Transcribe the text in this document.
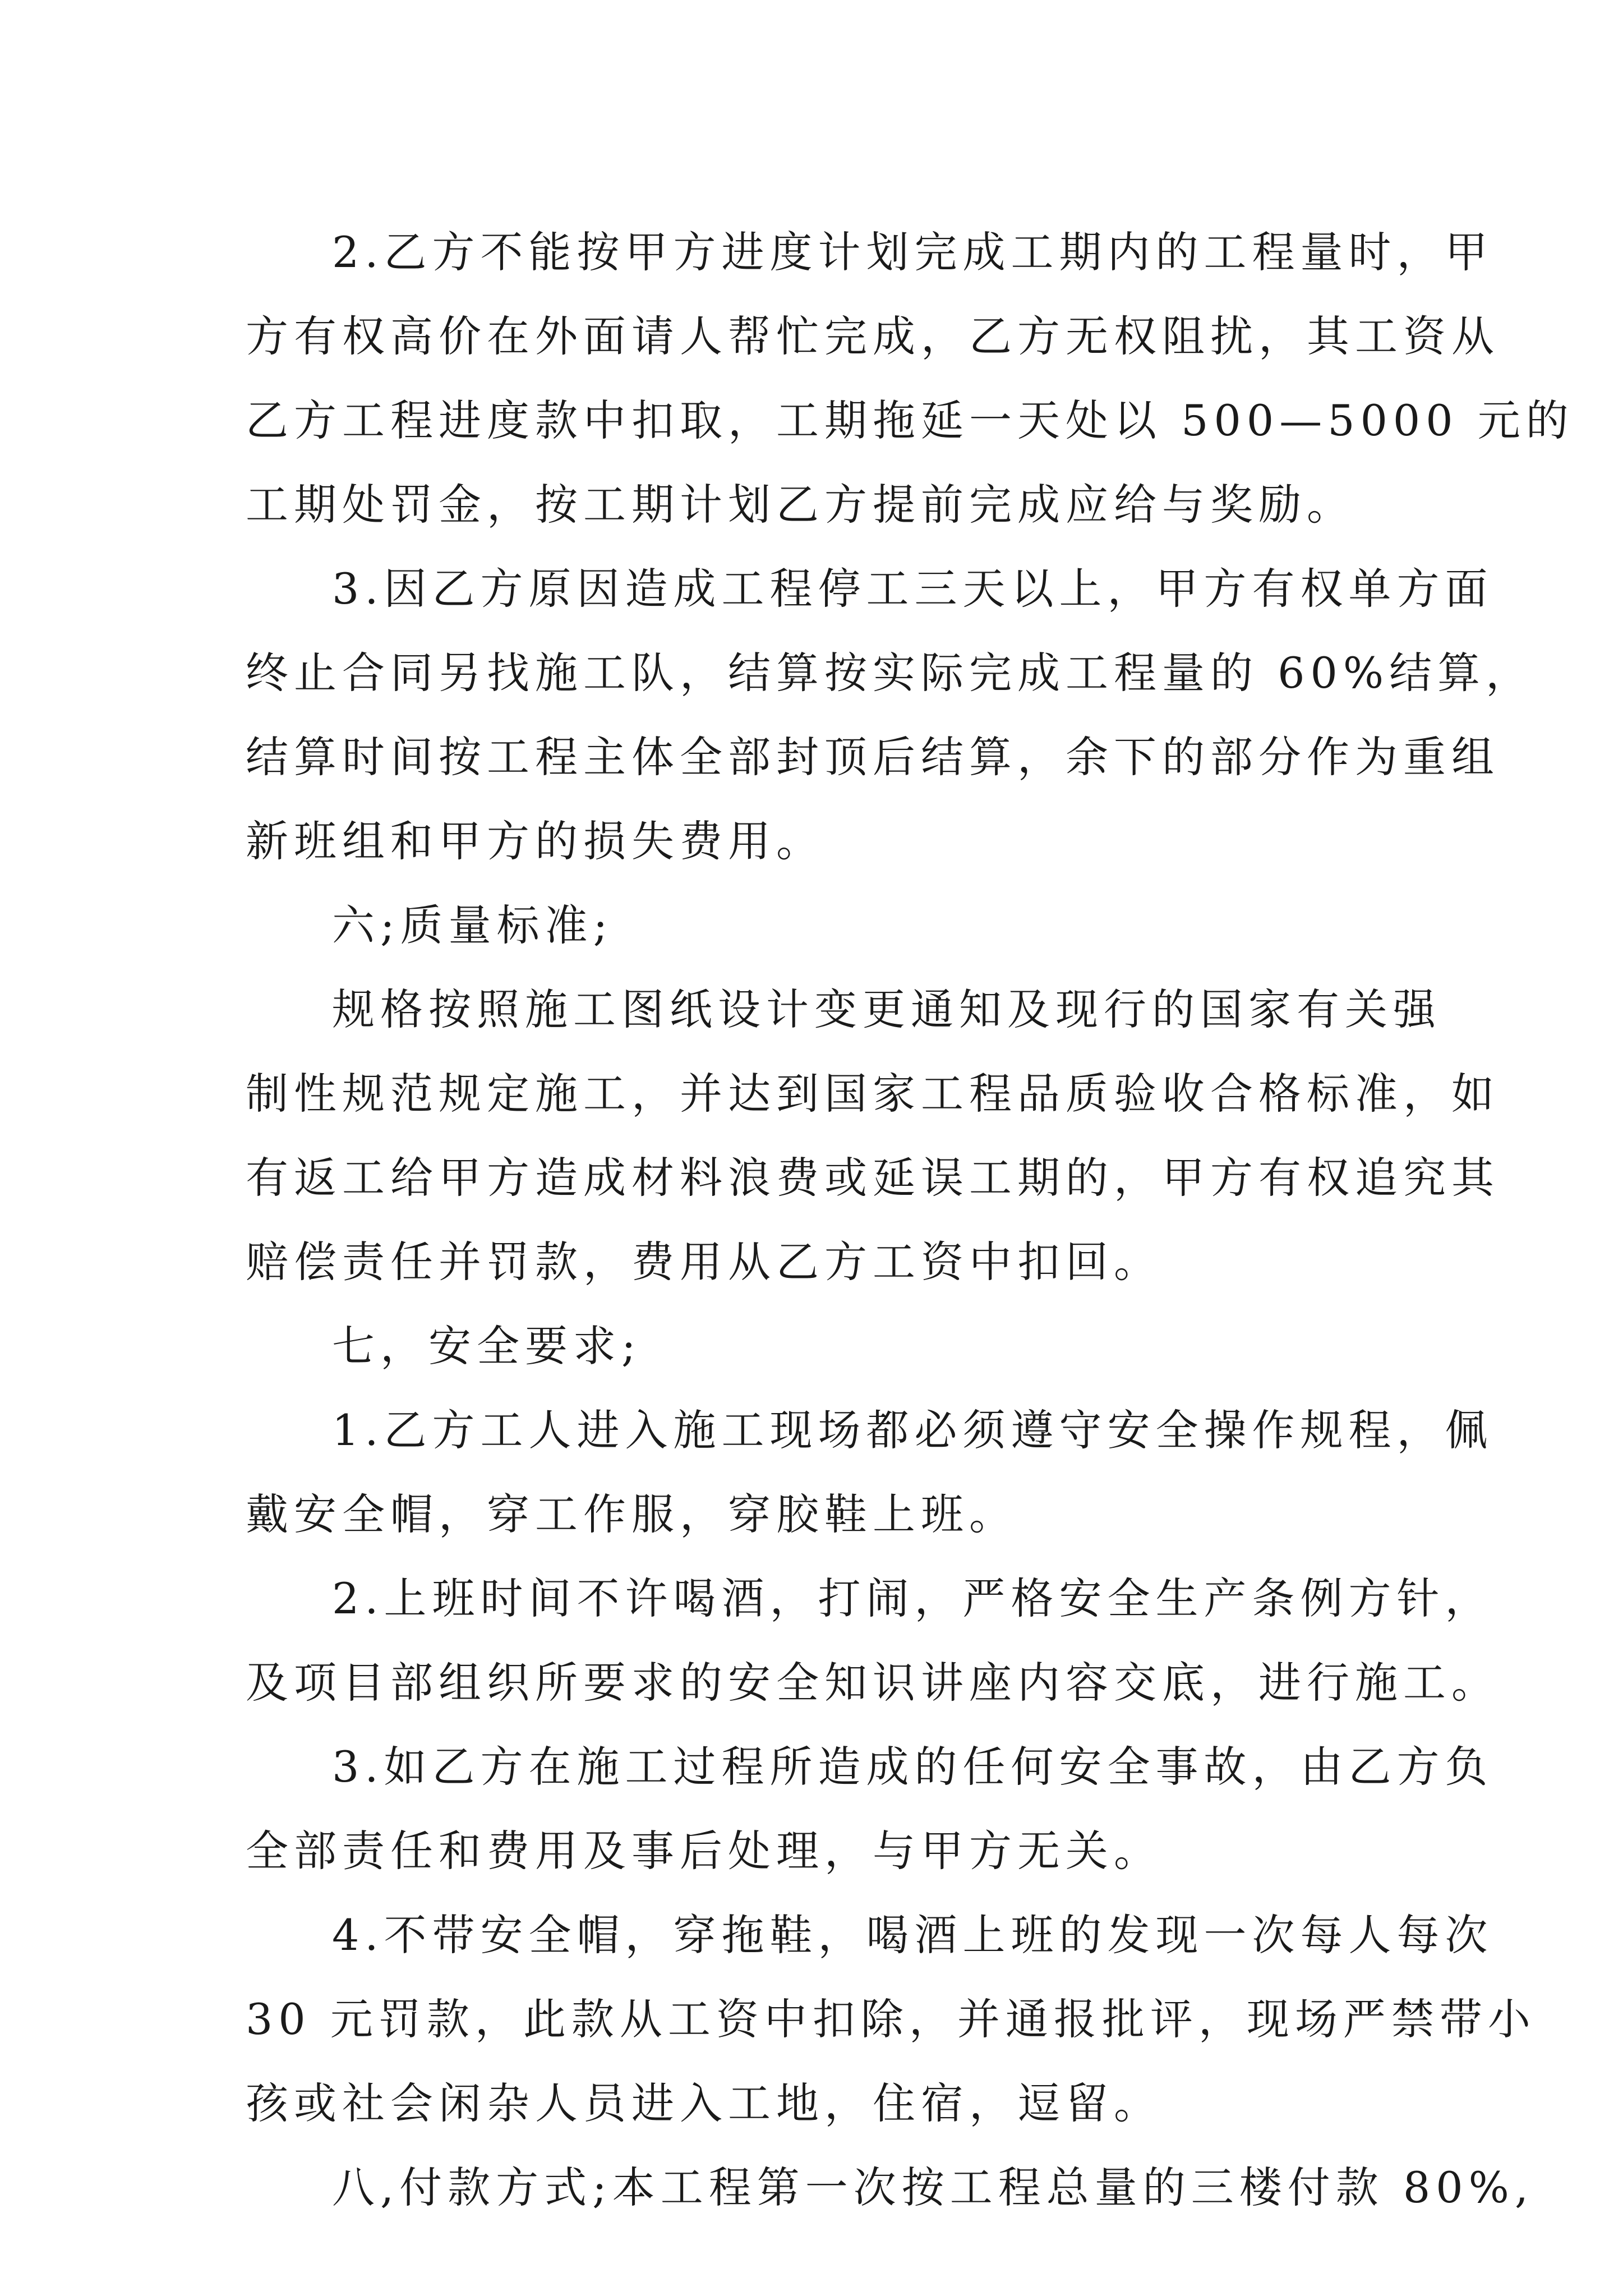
2.乙方不能按甲方进度计划完成工期内的工程量时，甲
方有权高价在外面请人帮忙完成，乙方无权阻扰，其工资从
乙方工程进度款中扣取，工期拖延一天处以 500—5000 元的
工期处罚金，按工期计划乙方提前完成应给与奖励。
3.因乙方原因造成工程停工三天以上，甲方有权单方面
终止合同另找施工队，结算按实际完成工程量的 60%结算，
结算时间按工程主体全部封顶后结算，余下的部分作为重组
新班组和甲方的损失费用。
六;质量标准;
规格按照施工图纸设计变更通知及现行的国家有关强
制性规范规定施工，并达到国家工程品质验收合格标准，如
有返工给甲方造成材料浪费或延误工期的，甲方有权追究其
赔偿责任并罚款，费用从乙方工资中扣回。
七，安全要求;
1.乙方工人进入施工现场都必须遵守安全操作规程，佩
戴安全帽，穿工作服，穿胶鞋上班。
2.上班时间不许喝酒，打闹，严格安全生产条例方针，
及项目部组织所要求的安全知识讲座内容交底，进行施工。
3.如乙方在施工过程所造成的任何安全事故，由乙方负
全部责任和费用及事后处理，与甲方无关。
4.不带安全帽，穿拖鞋，喝酒上班的发现一次每人每次
30 元罚款，此款从工资中扣除，并通报批评，现场严禁带小
孩或社会闲杂人员进入工地，住宿，逗留。
八,付款方式;本工程第一次按工程总量的三楼付款 80%,
